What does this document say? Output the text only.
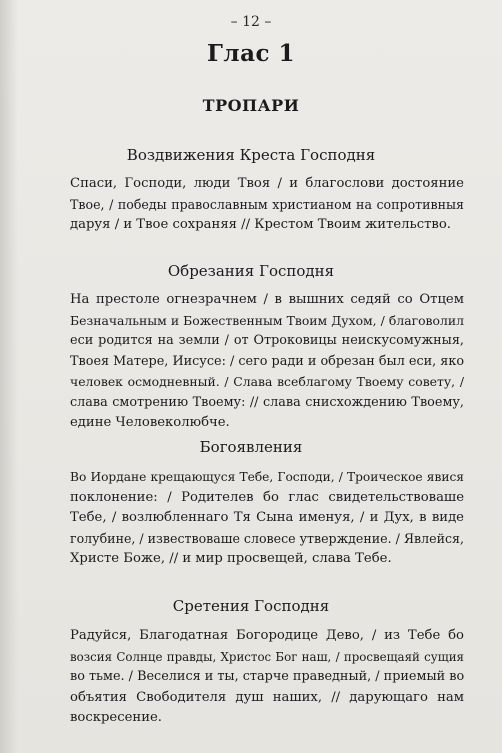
– 12 –
Глас 1
ТРОПАРИ
Воздвижения Креста Господня
Спаси, Господи, люди Твоя / и благослови достояние
Твое, / победы православным христианом на сопротивныя
даруя / и Твое сохраняя // Крестом Твоим жительство.
Обрезания Господня
На престоле огнезрачнем / в вышних седяй со Отцем
Безначальным и Божественным Твоим Духом, / благоволил
еси родится на земли / от Отроковицы неискусомужныя,
Твоея Матере, Иисусе: / сего ради и обрезан был еси, яко
человек осмодневный. / Слава всеблагому Твоему совету, /
слава смотрению Твоему: // слава снисхождению Твоему,
едине Человеколюбче.
Богоявления
Во Иордане крещающуся Тебе, Господи, / Троическое явися
поклонение: / Родителев бо глас свидетельствоваше
Тебе, / возлюбленнаго Тя Сына именуя, / и Дух, в виде
голубине, / извествоваше словесе утверждение. / Явлейся,
Христе Боже, // и мир просвещей, слава Тебе.
Сретения Господня
Радуйся, Благодатная Богородице Дево, / из Тебе бо
возсия Солнце правды, Христос Бог наш, / просвещаяй сущия
во тьме. / Веселися и ты, старче праведный, / приемый во
объятия Свободителя душ наших, // дарующаго нам
воскресение.
